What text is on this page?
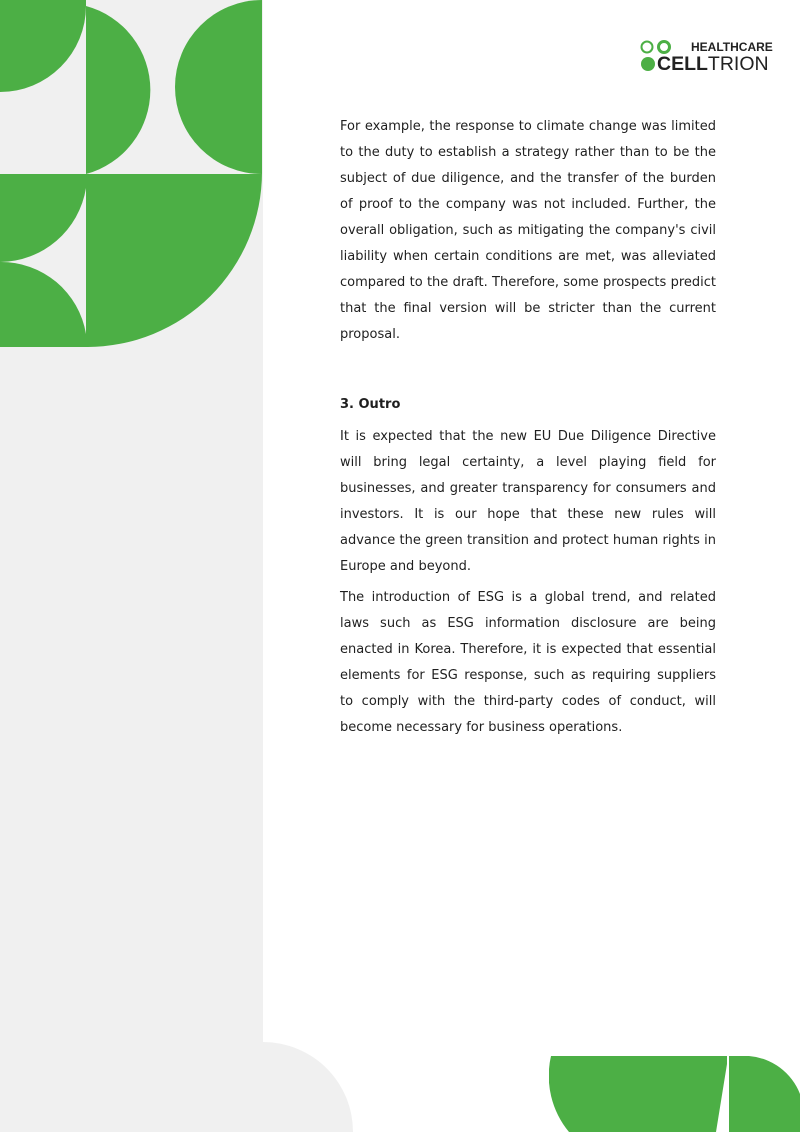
HEALTHCARE
CELLTRION

For example, the response to climate change was limited to the duty to establish a strategy rather than to be the subject of due diligence, and the transfer of the burden of proof to the company was not included. Further, the overall obligation, such as mitigating the company's civil liability when certain conditions are met, was alleviated compared to the draft. Therefore, some prospects predict that the final version will be stricter than the current proposal.

3. Outro

It is expected that the new EU Due Diligence Directive will bring legal certainty, a level playing field for businesses, and greater transparency for consumers and investors. It is our hope that these new rules will advance the green transition and protect human rights in Europe and beyond.

The introduction of ESG is a global trend, and related laws such as ESG information disclosure are being enacted in Korea. Therefore, it is expected that essential elements for ESG response, such as requiring suppliers to comply with the third-party codes of conduct, will become necessary for business operations.
